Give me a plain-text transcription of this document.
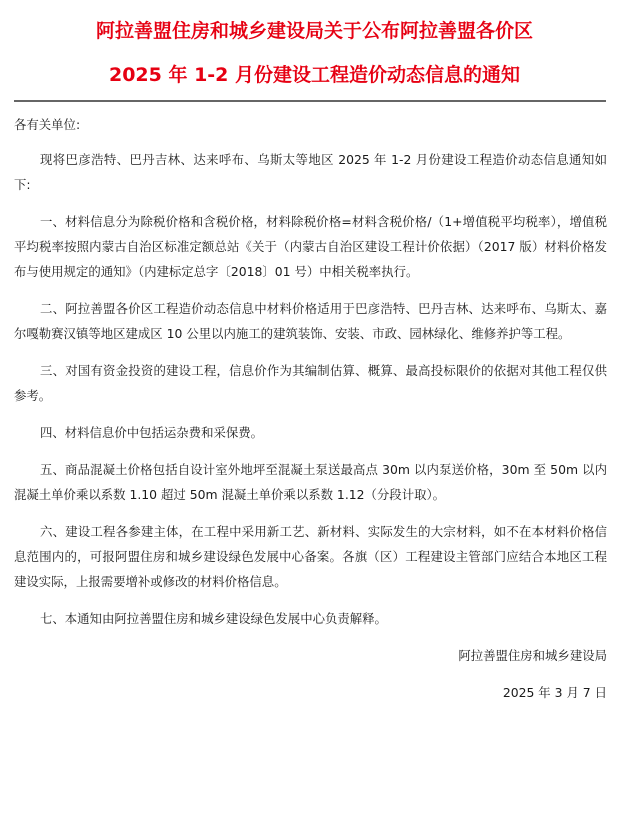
阿拉善盟住房和城乡建设局关于公布阿拉善盟各价区
2025 年 1-2 月份建设工程造价动态信息的通知

各有关单位:

现将巴彦浩特、巴丹吉林、达来呼布、乌斯太等地区 2025 年 1-2 月份建设工程造价动态信息通知如下:

一、材料信息分为除税价格和含税价格，材料除税价格=材料含税价格/（1+增值税平均税率），增值税平均税率按照内蒙古自治区标准定额总站《关于（内蒙古自治区建设工程计价依据）（2017 版）材料价格发布与使用规定的通知》（内建标定总字〔2018〕01 号）中相关税率执行。

二、阿拉善盟各价区工程造价动态信息中材料价格适用于巴彦浩特、巴丹吉林、达来呼布、乌斯太、嘉尔嘎勒赛汉镇等地区建成区 10 公里以内施工的建筑装饰、安装、市政、园林绿化、维修养护等工程。

三、对国有资金投资的建设工程，信息价作为其编制估算、概算、最高投标限价的依据对其他工程仅供参考。

四、材料信息价中包括运杂费和采保费。

五、商品混凝土价格包括自设计室外地坪至混凝土泵送最高点 30m 以内泵送价格，30m 至 50m 以内混凝土单价乘以系数 1.10 超过 50m 混凝土单价乘以系数 1.12（分段计取）。

六、建设工程各参建主体，在工程中采用新工艺、新材料、实际发生的大宗材料，如不在本材料价格信息范围内的，可报阿盟住房和城乡建设绿色发展中心备案。各旗（区）工程建设主管部门应结合本地区工程建设实际，上报需要增补或修改的材料价格信息。

七、本通知由阿拉善盟住房和城乡建设绿色发展中心负责解释。

阿拉善盟住房和城乡建设局

2025 年 3 月 7 日
